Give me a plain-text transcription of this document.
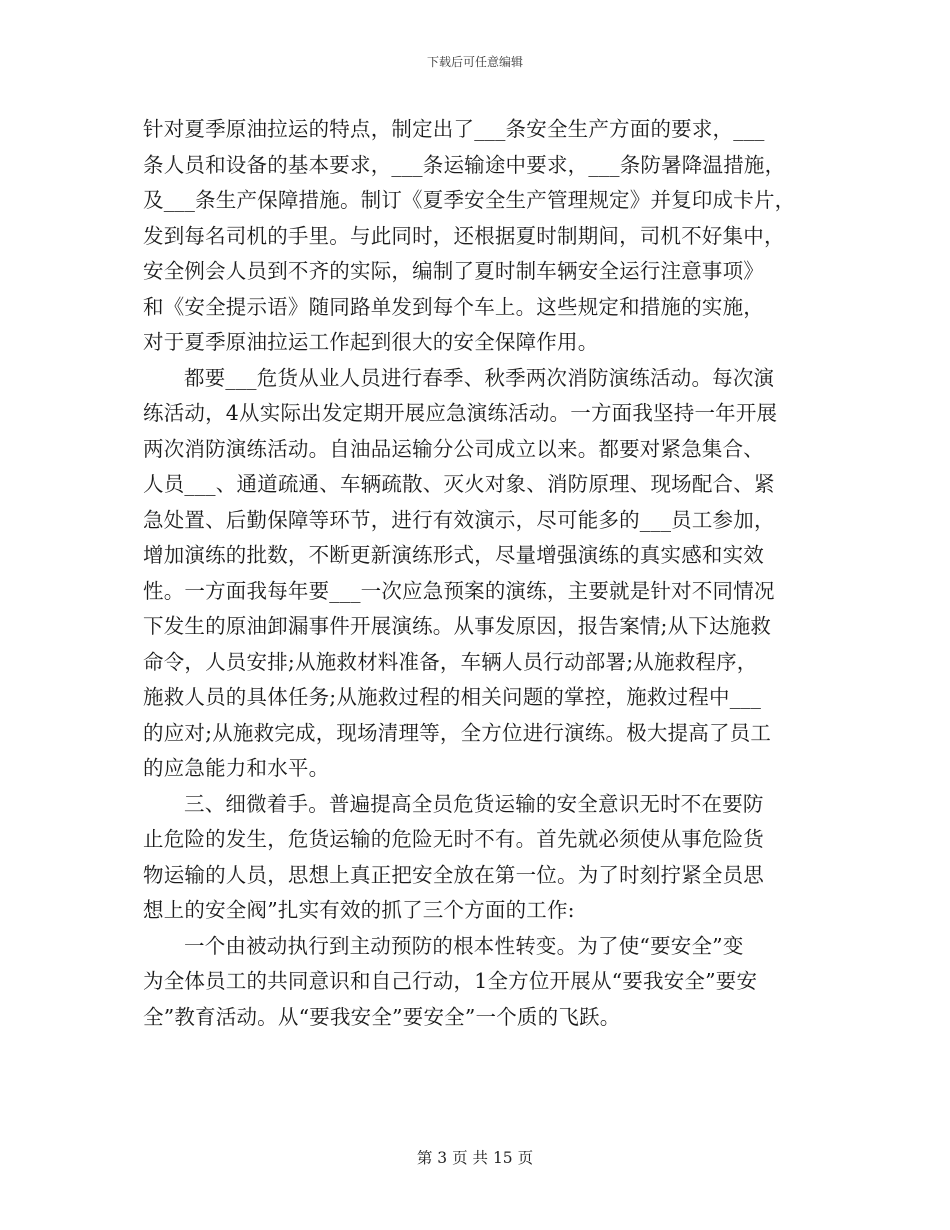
下载后可任意编辑
针对夏季原油拉运的特点，制定出了___条安全生产方面的要求，___
条人员和设备的基本要求，___条运输途中要求，___条防暑降温措施，
及___条生产保障措施。制订《夏季安全生产管理规定》并复印成卡片，
发到每名司机的手里。与此同时，还根据夏时制期间，司机不好集中，
安全例会人员到不齐的实际，编制了夏时制车辆安全运行注意事项》
和《安全提示语》随同路单发到每个车上。这些规定和措施的实施，
对于夏季原油拉运工作起到很大的安全保障作用。
都要___危货从业人员进行春季、秋季两次消防演练活动。每次演
练活动，4从实际出发定期开展应急演练活动。一方面我坚持一年开展
两次消防演练活动。自油品运输分公司成立以来。都要对紧急集合、
人员___、通道疏通、车辆疏散、灭火对象、消防原理、现场配合、紧
急处置、后勤保障等环节，进行有效演示，尽可能多的___员工参加，
增加演练的批数，不断更新演练形式，尽量增强演练的真实感和实效
性。一方面我每年要___一次应急预案的演练，主要就是针对不同情况
下发生的原油卸漏事件开展演练。从事发原因，报告案情;从下达施救
命令，人员安排;从施救材料准备，车辆人员行动部署;从施救程序，
施救人员的具体任务;从施救过程的相关问题的掌控，施救过程中___
的应对;从施救完成，现场清理等，全方位进行演练。极大提高了员工
的应急能力和水平。
三、细微着手。普遍提高全员危货运输的安全意识无时不在要防
止危险的发生，危货运输的危险无时不有。首先就必须使从事危险货
物运输的人员，思想上真正把安全放在第一位。为了时刻拧紧全员思
想上的安全阀”扎实有效的抓了三个方面的工作:
一个由被动执行到主动预防的根本性转变。为了使“要安全”变
为全体员工的共同意识和自己行动，1全方位开展从“要我安全”要安
全”教育活动。从“要我安全”要安全”一个质的飞跃。
第 3 页 共 15 页
